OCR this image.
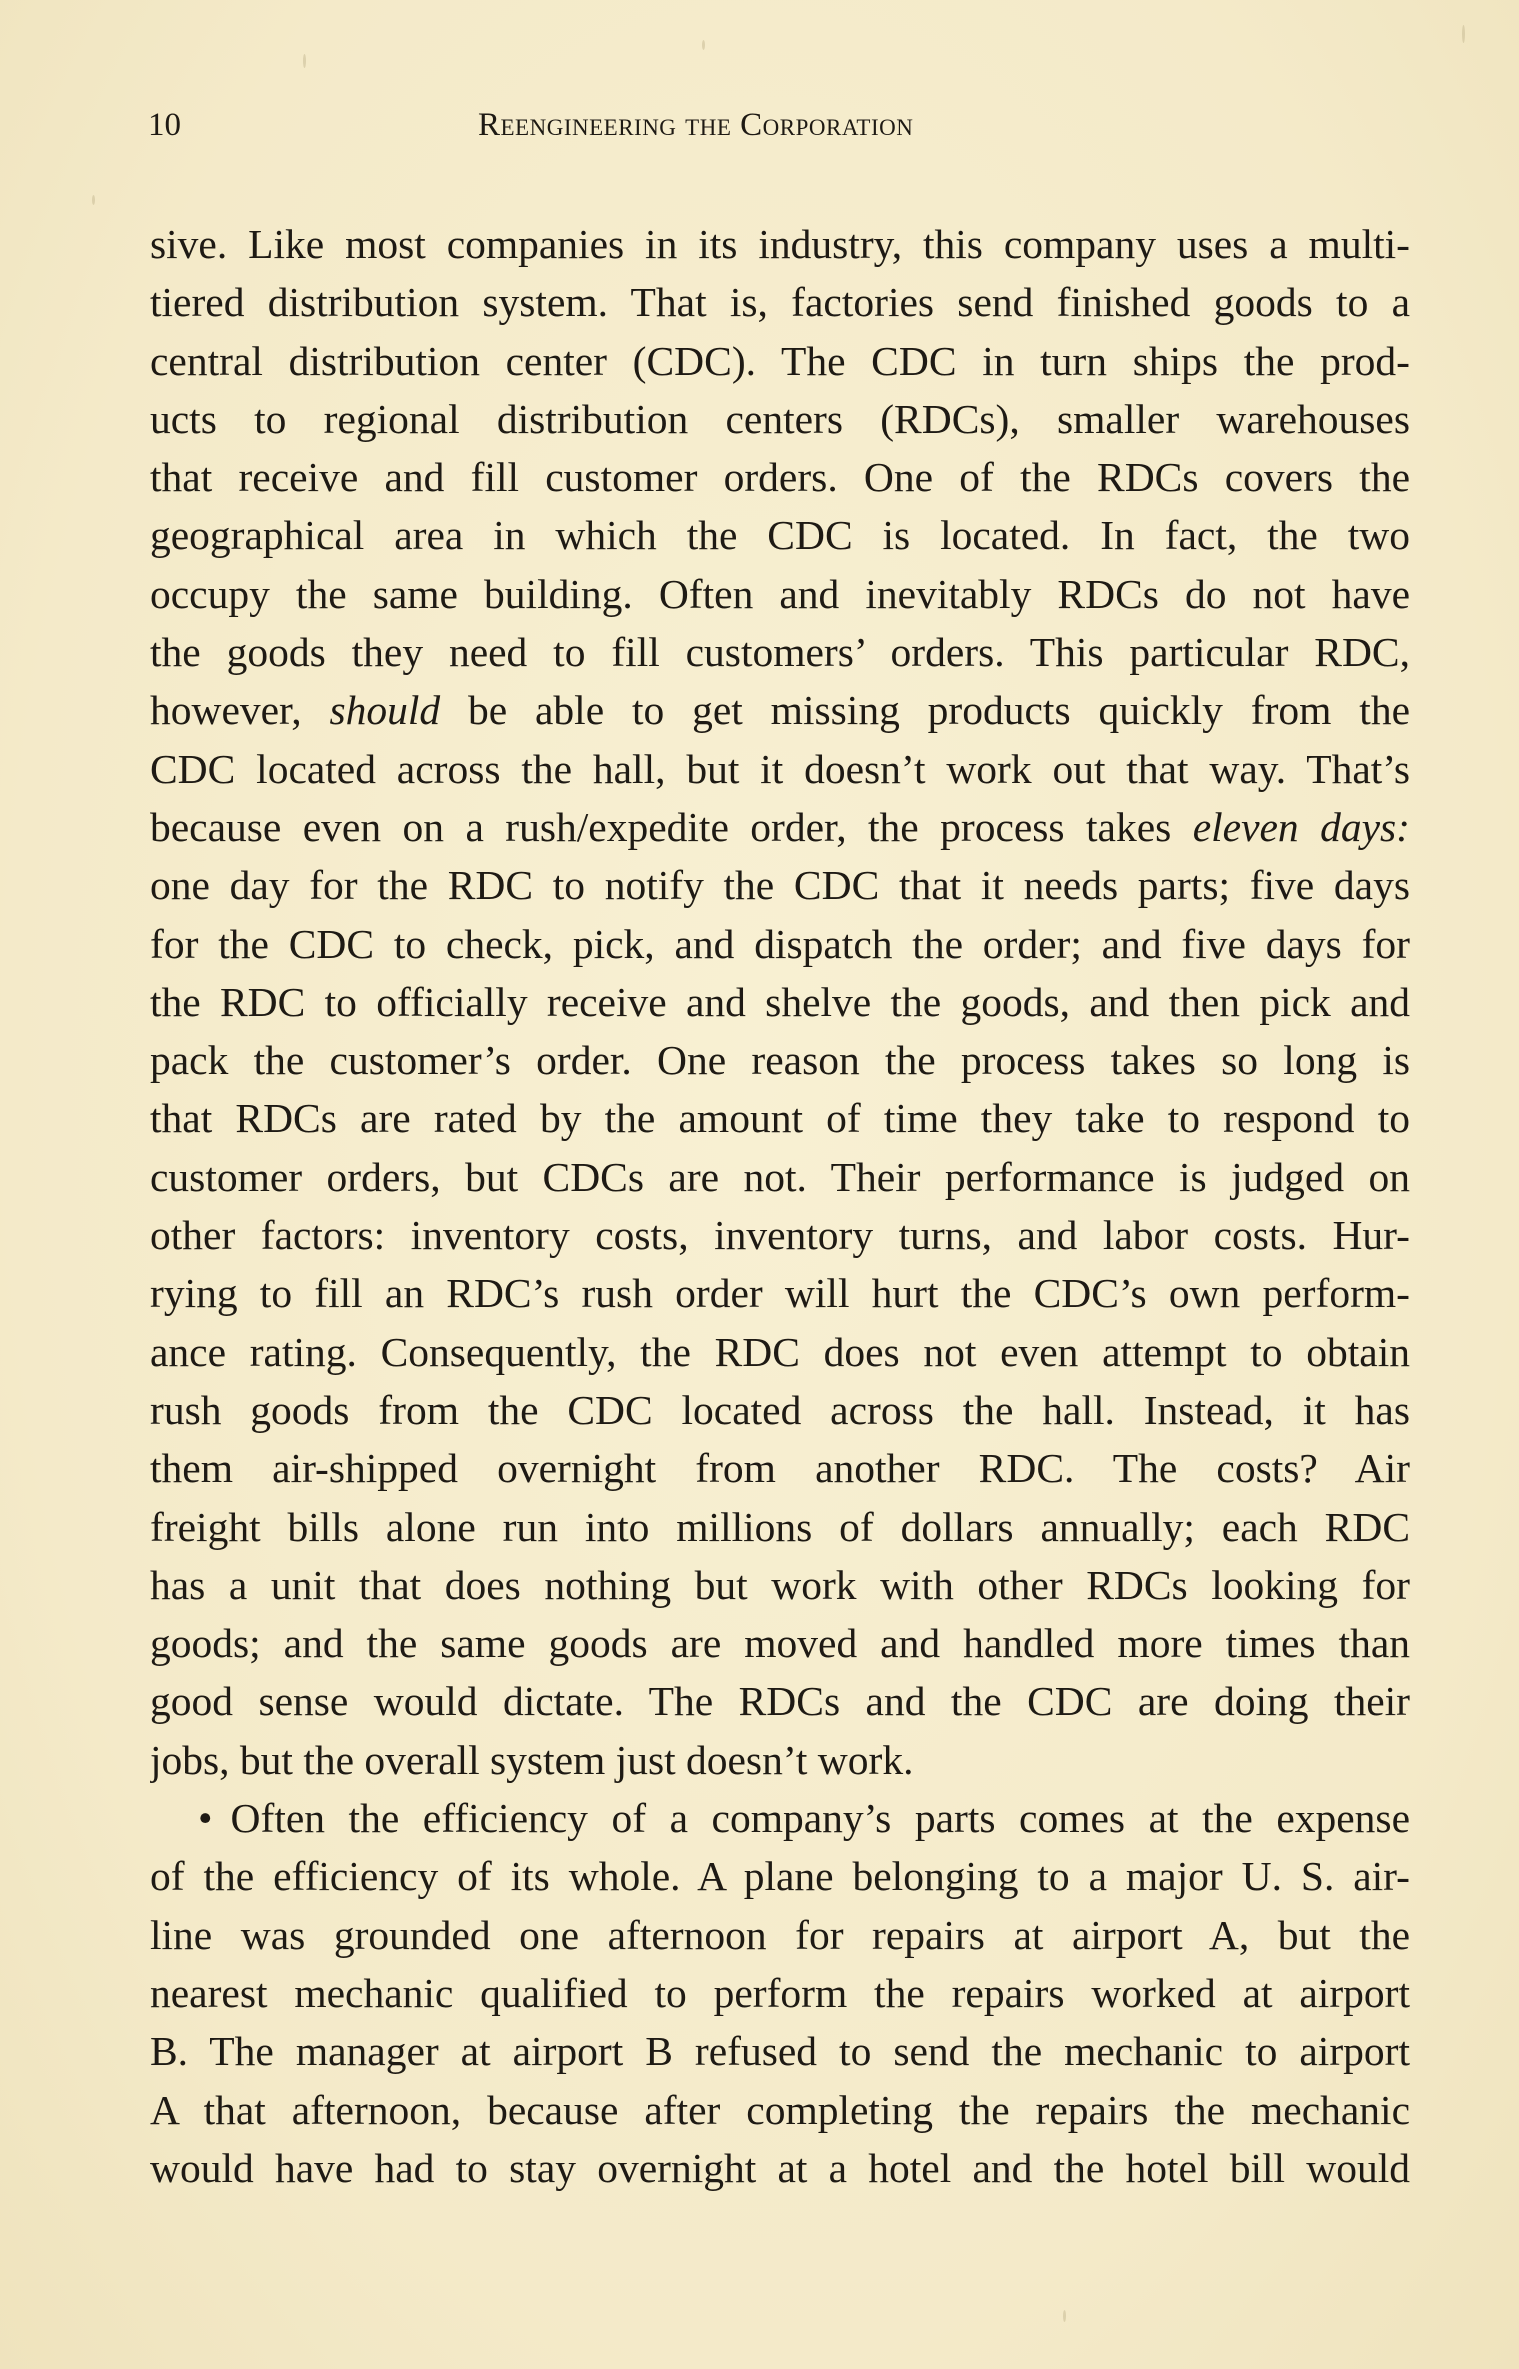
10	Reengineering the Corporation
sive. Like most companies in its industry, this company uses a multi-
tiered distribution system. That is, factories send finished goods to a
central distribution center (CDC). The CDC in turn ships the prod-
ucts to regional distribution centers (RDCs), smaller warehouses
that receive and fill customer orders. One of the RDCs covers the
geographical area in which the CDC is located. In fact, the two
occupy the same building. Often and inevitably RDCs do not have
the goods they need to fill customers’ orders. This particular RDC,
however, should be able to get missing products quickly from the
CDC located across the hall, but it doesn’t work out that way. That’s
because even on a rush/expedite order, the process takes eleven days:
one day for the RDC to notify the CDC that it needs parts; five days
for the CDC to check, pick, and dispatch the order; and five days for
the RDC to officially receive and shelve the goods, and then pick and
pack the customer’s order. One reason the process takes so long is
that RDCs are rated by the amount of time they take to respond to
customer orders, but CDCs are not. Their performance is judged on
other factors: inventory costs, inventory turns, and labor costs. Hur-
rying to fill an RDC’s rush order will hurt the CDC’s own perform-
ance rating. Consequently, the RDC does not even attempt to obtain
rush goods from the CDC located across the hall. Instead, it has
them air-shipped overnight from another RDC. The costs? Air
freight bills alone run into millions of dollars annually; each RDC
has a unit that does nothing but work with other RDCs looking for
goods; and the same goods are moved and handled more times than
good sense would dictate. The RDCs and the CDC are doing their
jobs, but the overall system just doesn’t work.
• Often the efficiency of a company’s parts comes at the expense
of the efficiency of its whole. A plane belonging to a major U. S. air-
line was grounded one afternoon for repairs at airport A, but the
nearest mechanic qualified to perform the repairs worked at airport
B. The manager at airport B refused to send the mechanic to airport
A that afternoon, because after completing the repairs the mechanic
would have had to stay overnight at a hotel and the hotel bill would
